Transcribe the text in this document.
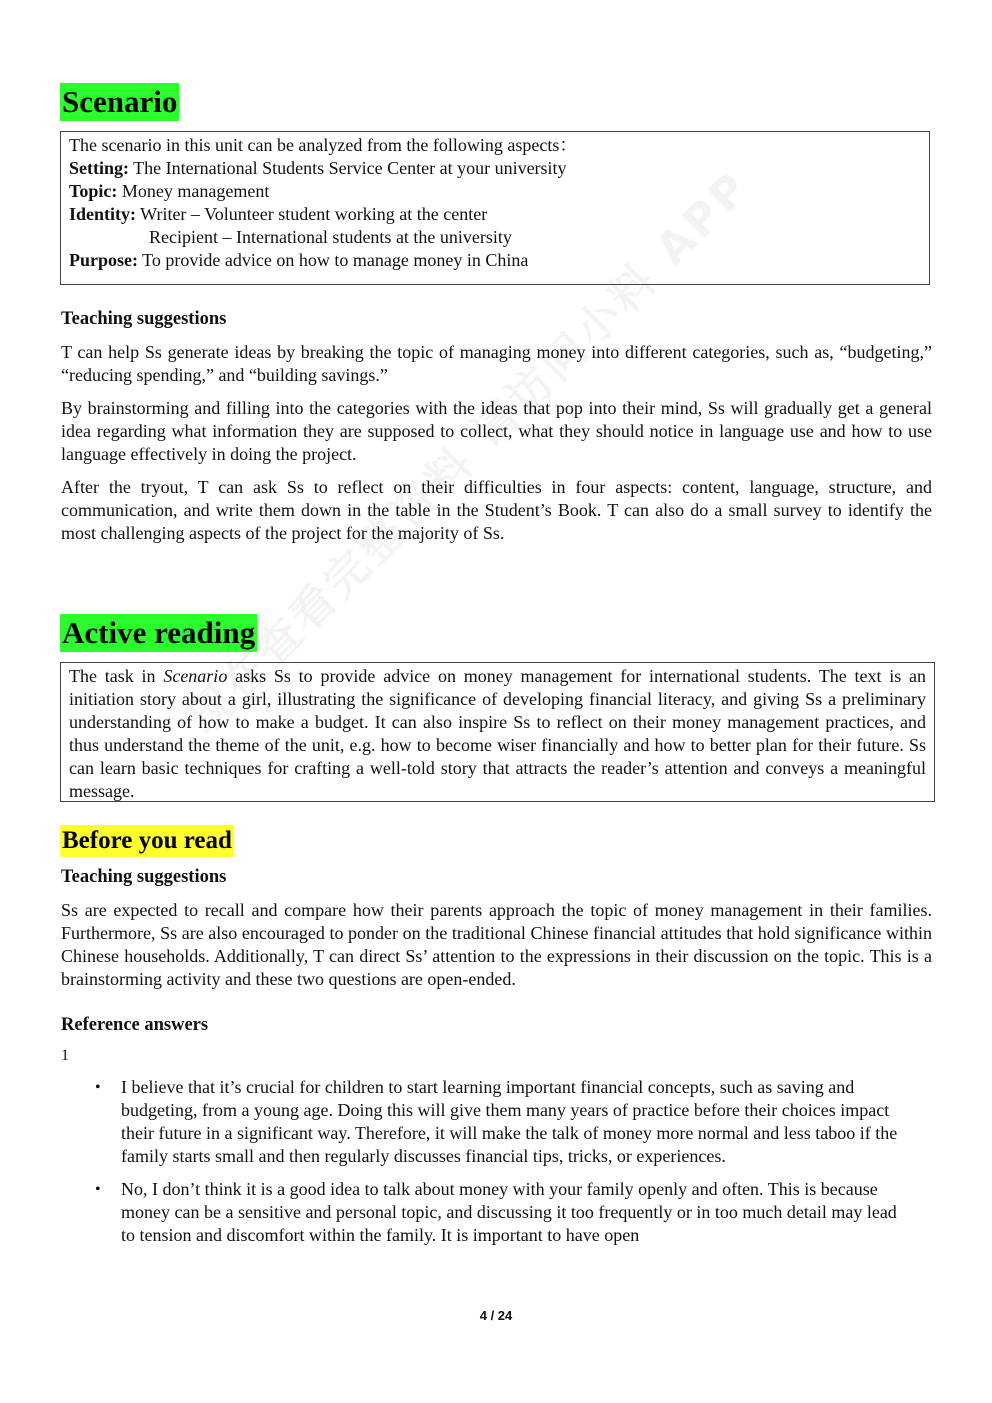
Scenario

The scenario in this unit can be analyzed from the following aspects：

Setting: The International Students Service Center at your university

Topic: Money management

Identity: Writer – Volunteer student working at the center

Recipient – International students at the university

Purpose: To provide advice on how to manage money in China

Teaching suggestions

T can help Ss generate ideas by breaking the topic of managing money into different categories, such as, “budgeting,” “reducing spending,” and “building savings.”

By brainstorming and filling into the categories with the ideas that pop into their mind, Ss will gradually get a general idea regarding what information they are supposed to collect, what they should notice in language use and how to use language effectively in doing the project.

After the tryout, T can ask Ss to reflect on their difficulties in four aspects: content, language, structure, and communication, and write them down in the table in the Student’s Book. T can also do a small survey to identify the most challenging aspects of the project for the majority of Ss.

Active reading

The task in Scenario asks Ss to provide advice on money management for international students. The text is an initiation story about a girl, illustrating the significance of developing financial literacy, and giving Ss a preliminary understanding of how to make a budget. It can also inspire Ss to reflect on their money management practices, and thus understand the theme of the unit, e.g. how to become wiser financially and how to better plan for their future. Ss can learn basic techniques for crafting a well-told story that attracts the reader’s attention and conveys a meaningful message.

Before you read
Teaching suggestions

Ss are expected to recall and compare how their parents approach the topic of money management in their families. Furthermore, Ss are also encouraged to ponder on the traditional Chinese financial attitudes that hold significance within Chinese households. Additionally, T can direct Ss’ attention to the expressions in their discussion on the topic. This is a brainstorming activity and these two questions are open-ended.

Reference answers

1

• I believe that it’s crucial for children to start learning important financial concepts, such as saving and budgeting, from a young age. Doing this will give them many years of practice before their choices impact their future in a significant way. Therefore, it will make the talk of money more normal and less taboo if the family starts small and then regularly discusses financial tips, tricks, or experiences.
• No, I don’t think it is a good idea to talk about money with your family openly and often. This is because money can be a sensitive and personal topic, and discussing it too frequently or in too much detail may lead to tension and discomfort within the family. It is important to have open
4 / 24
